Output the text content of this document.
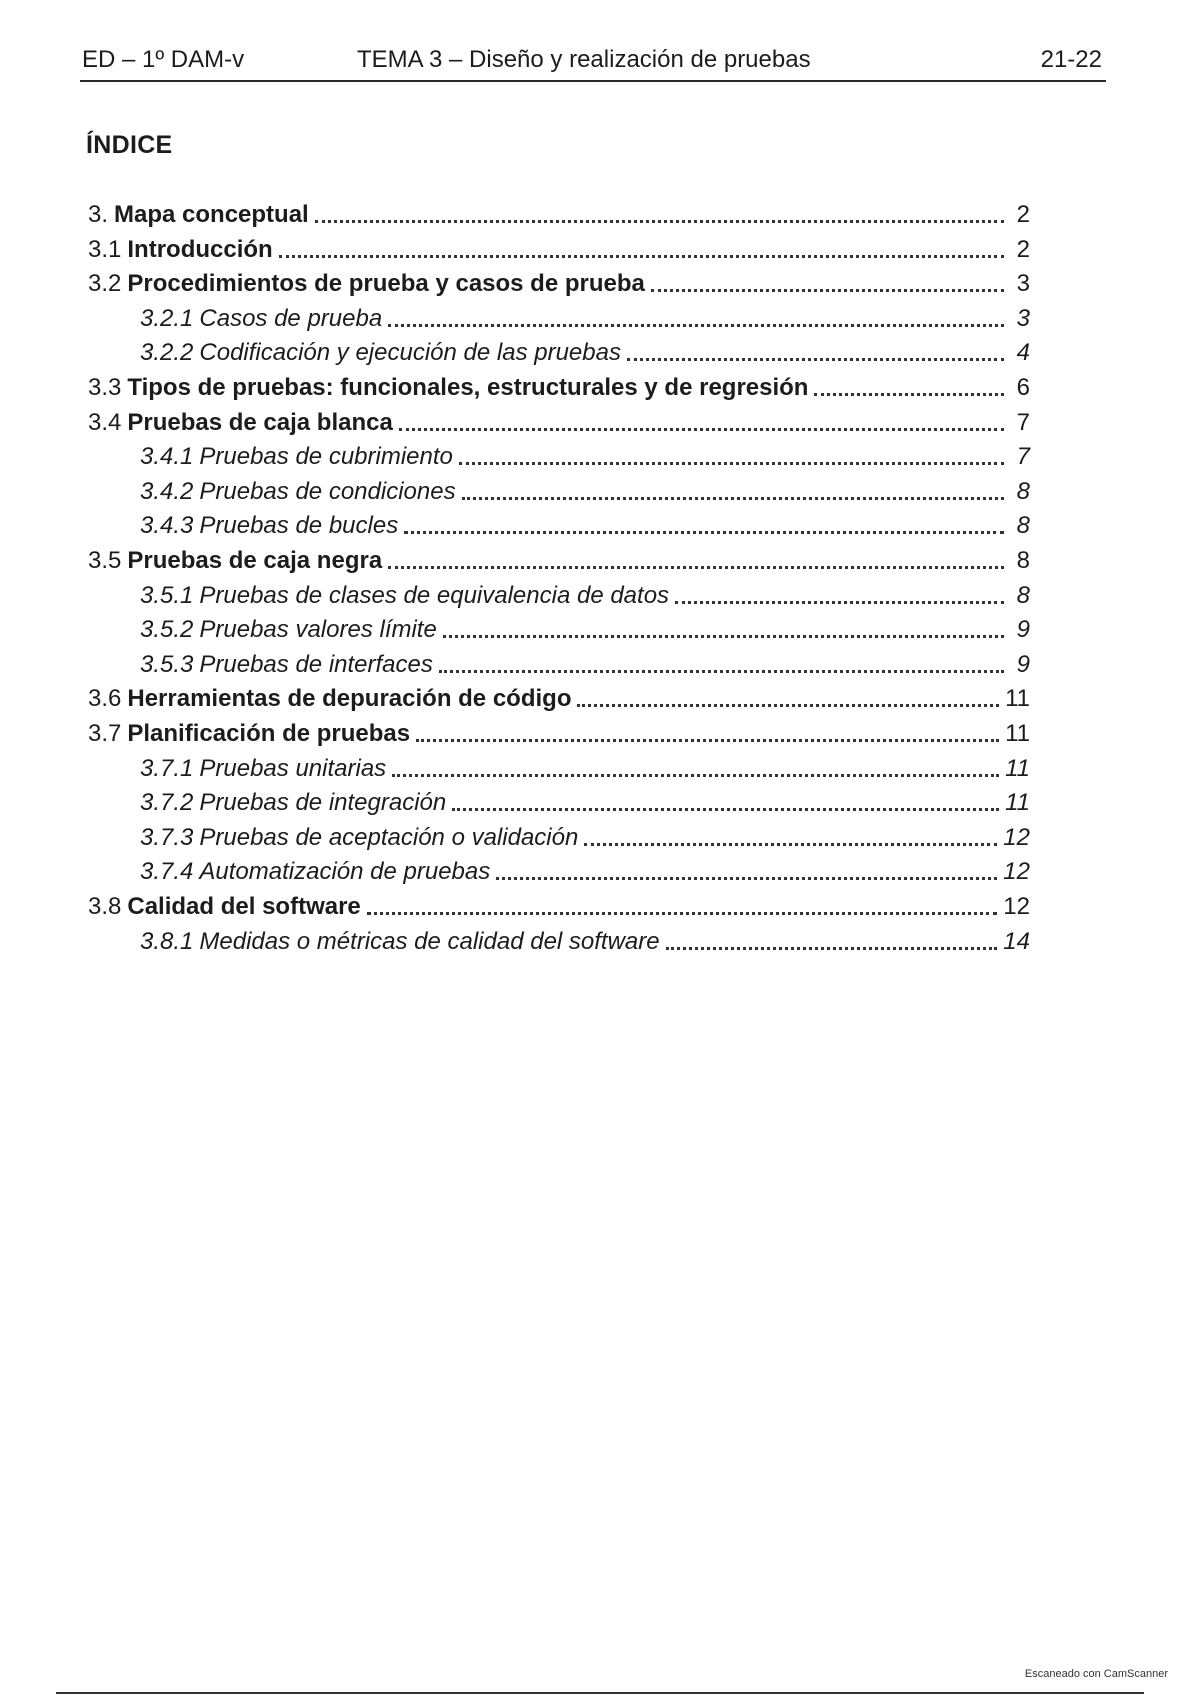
ED – 1º DAM-v	TEMA 3 – Diseño y realización de pruebas	21-22
ÍNDICE
3. Mapa conceptual	2
3.1 Introducción	2
3.2 Procedimientos de prueba y casos de prueba	3
3.2.1 Casos de prueba	3
3.2.2 Codificación y ejecución de las pruebas	4
3.3 Tipos de pruebas: funcionales, estructurales y de regresión	6
3.4 Pruebas de caja blanca	7
3.4.1 Pruebas de cubrimiento	7
3.4.2 Pruebas de condiciones	8
3.4.3 Pruebas de bucles	8
3.5 Pruebas de caja negra	8
3.5.1 Pruebas de clases de equivalencia de datos	8
3.5.2 Pruebas valores límite	9
3.5.3 Pruebas de interfaces	9
3.6 Herramientas de depuración de código	11
3.7 Planificación de pruebas	11
3.7.1 Pruebas unitarias	11
3.7.2 Pruebas de integración	11
3.7.3 Pruebas de aceptación o validación	12
3.7.4 Automatización de pruebas	12
3.8 Calidad del software	12
3.8.1 Medidas o métricas de calidad del software	14
Escaneado con CamScanner
